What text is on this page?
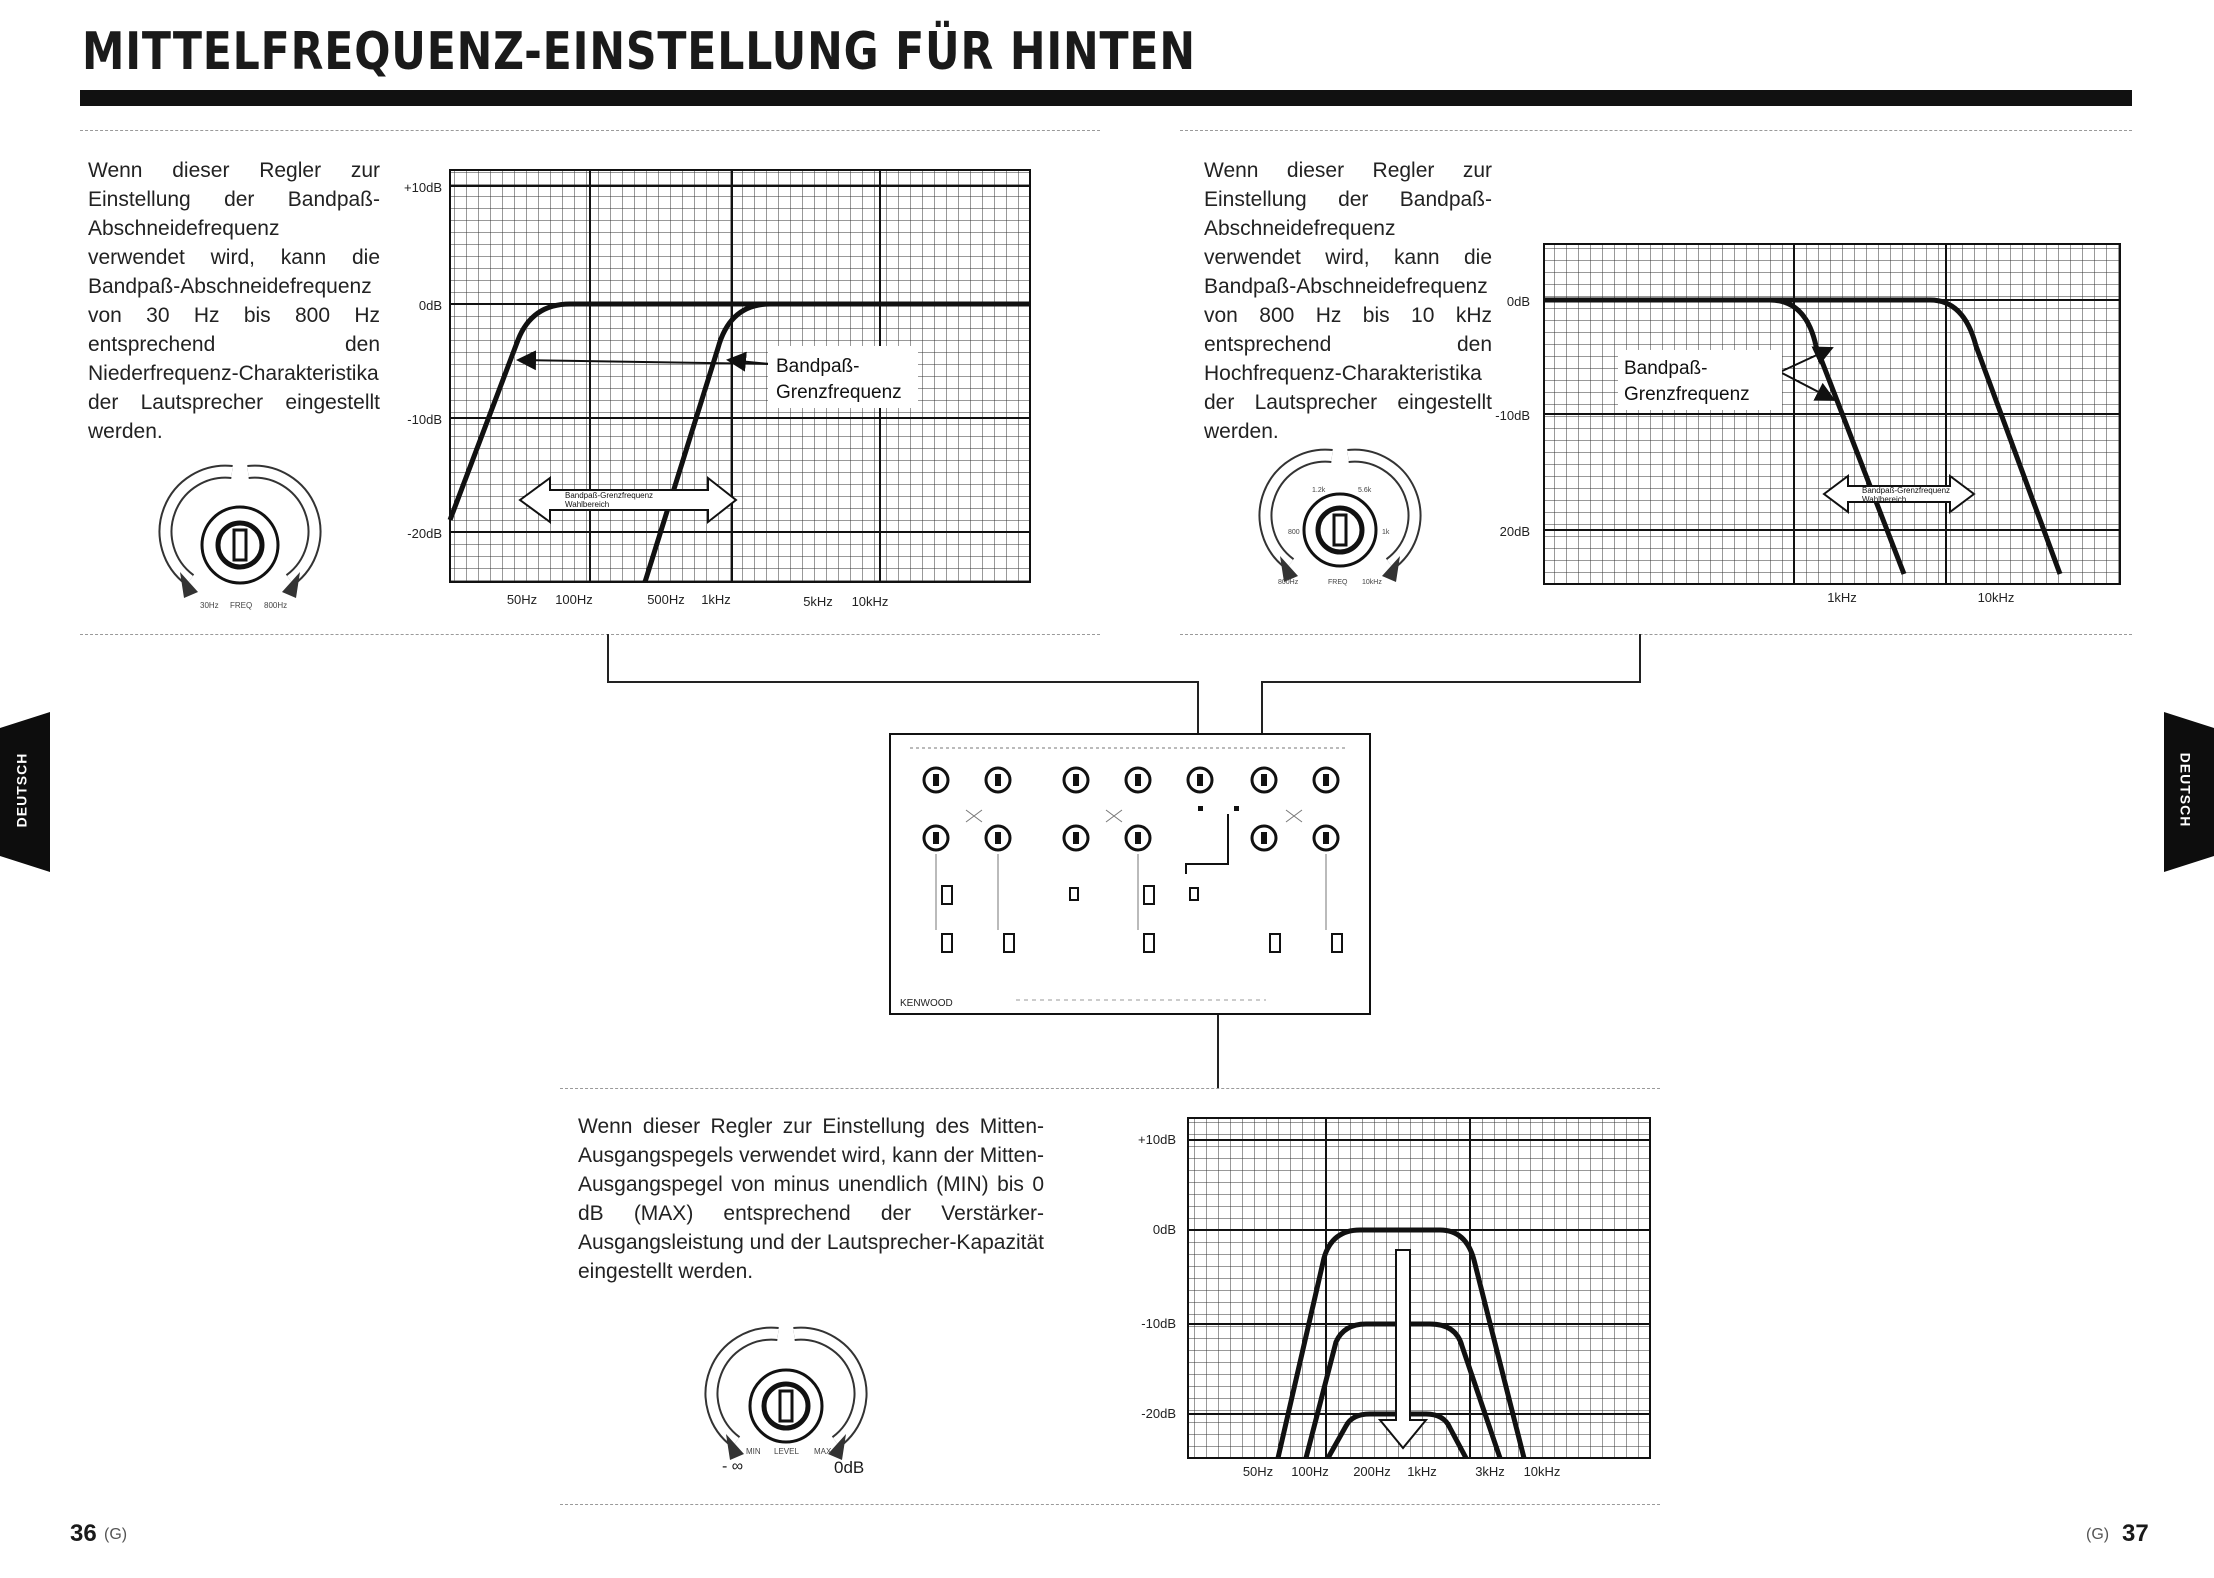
MITTELFREQUENZ-EINSTELLUNG FÜR HINTEN
DEUTSCH	DEUTSCH
36 (G)	(G) 37
Wenn dieser Regler zur Einstellung der Bandpaß-Abschneidefrequenz verwendet wird, kann die Bandpaß-Abschneidefrequenz von 30 Hz bis 800 Hz entsprechend den Niederfrequenz-Charakteristika der Lautsprecher eingestellt werden.
Wenn dieser Regler zur Einstellung der Bandpaß-Abschneidefrequenz verwendet wird, kann die Bandpaß-Abschneidefrequenz von 800 Hz bis 10 kHz entsprechend den Hochfrequenz-Charakteristika der Lautsprecher eingestellt werden.
Wenn dieser Regler zur Einstellung des Mitten-Ausgangspegels verwendet wird, kann der Mitten-Ausgangspegel von minus unendlich (MIN) bis 0 dB (MAX) entsprechend der Verstärker-Ausgangsleistung und der Lautsprecher-Kapazität eingestellt werden.
Bandpaß-
Grenzfrequenz
Bandpaß-Grenzfrequenz
Wahlbereich
+10dB
0dB
-10dB
-20dB
50Hz 100Hz	500Hz 1kHz	5kHz 10kHz
30Hz FREQ 800Hz
Bandpaß-
Grenzfrequenz
Bandpaß-Grenzfrequenz
Wahlbereich
0dB
-10dB
20dB
1kHz	10kHz
800
1.2k	5.6k
1k
800Hz	FREQ 10kHz
KENWOOD
+10dB
0dB
-10dB
-20dB
50Hz 100Hz 200Hz 1kHz	3kHz 10kHz
MIN LEVEL MAX
- ∞	0dB
